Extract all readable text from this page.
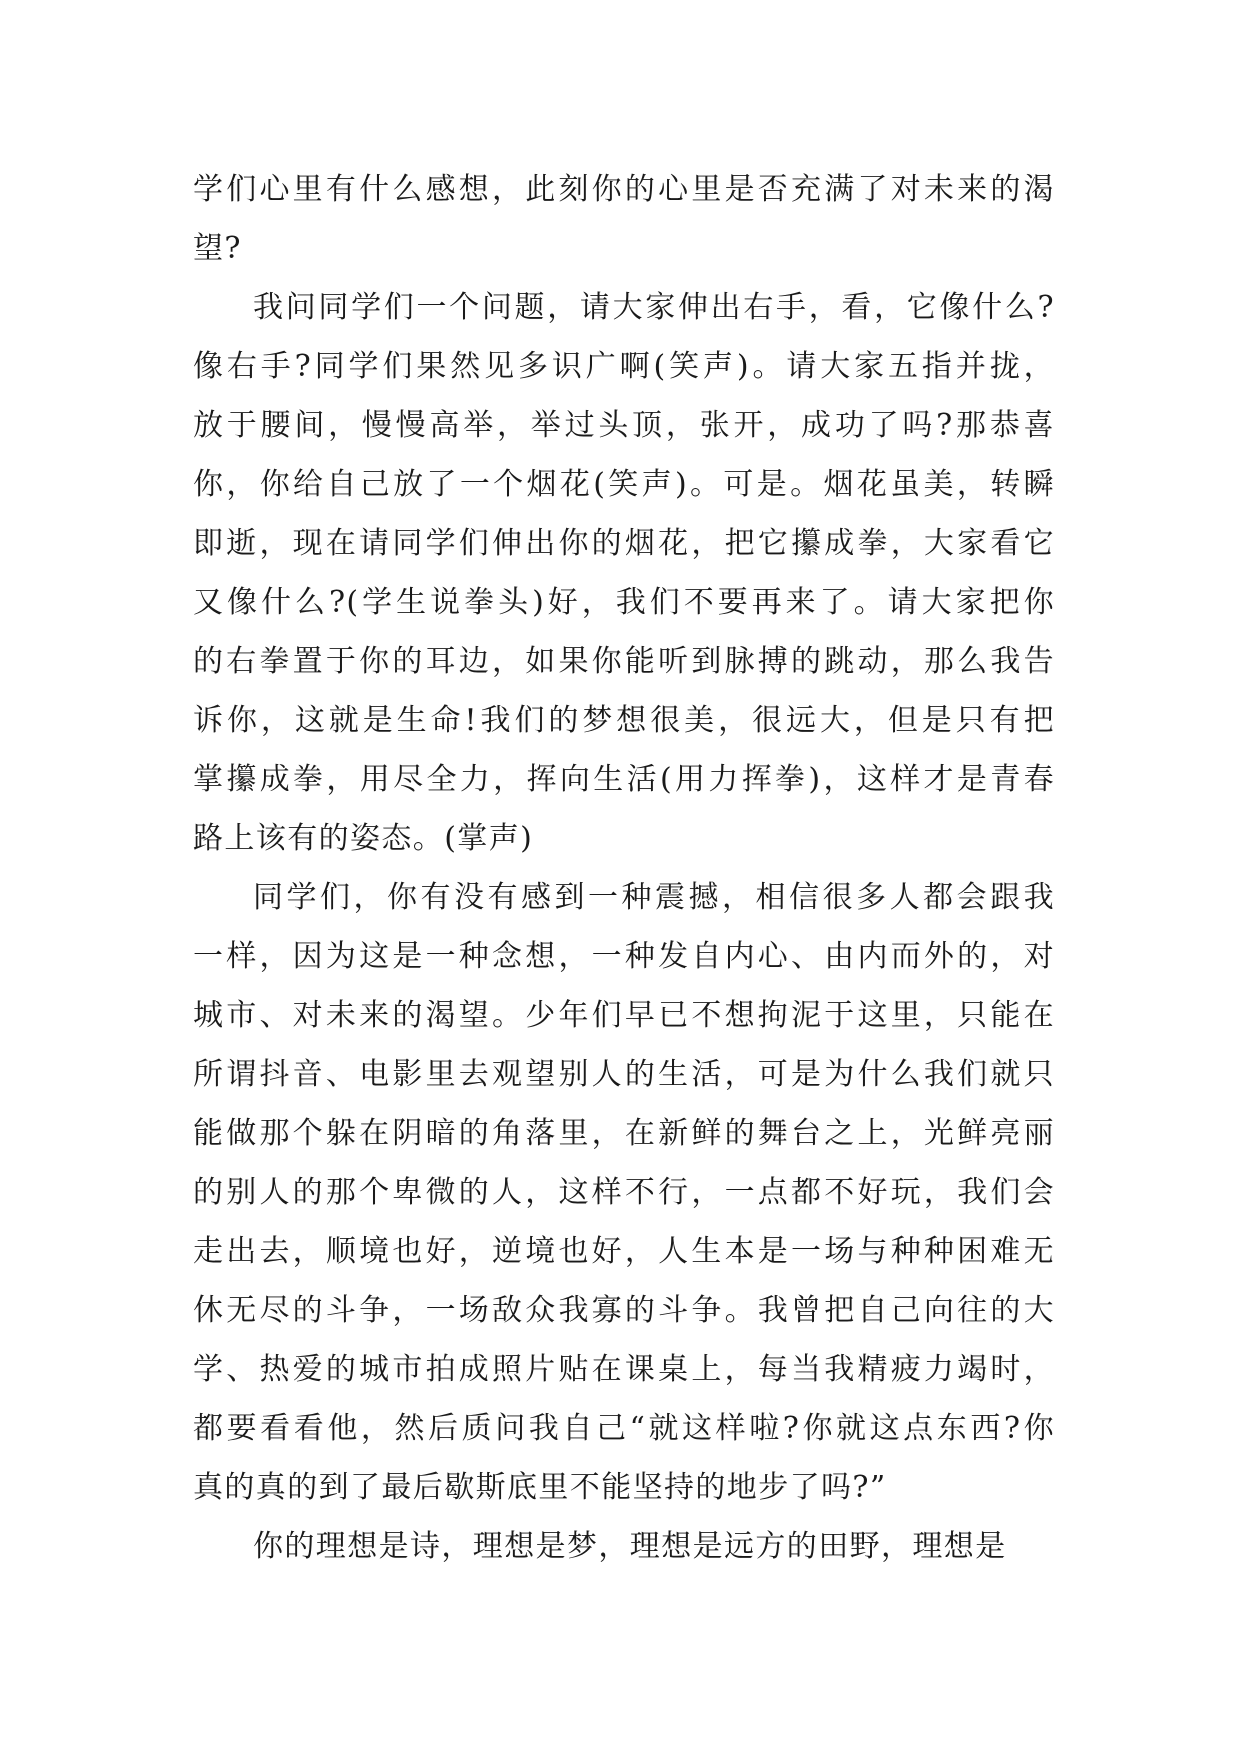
学们心里有什么感想，此刻你的心里是否充满了对未来的渴
望?
我问同学们一个问题，请大家伸出右手，看，它像什么?
像右手?同学们果然见多识广啊(笑声)。请大家五指并拢，
放于腰间，慢慢高举，举过头顶，张开，成功了吗?那恭喜
你，你给自己放了一个烟花(笑声)。可是。烟花虽美，转瞬
即逝，现在请同学们伸出你的烟花，把它攥成拳，大家看它
又像什么?(学生说拳头)好，我们不要再来了。请大家把你
的右拳置于你的耳边，如果你能听到脉搏的跳动，那么我告
诉你，这就是生命!我们的梦想很美，很远大，但是只有把
掌攥成拳，用尽全力，挥向生活(用力挥拳)，这样才是青春
路上该有的姿态。(掌声)
同学们，你有没有感到一种震撼，相信很多人都会跟我
一样，因为这是一种念想，一种发自内心、由内而外的，对
城市、对未来的渴望。少年们早已不想拘泥于这里，只能在
所谓抖音、电影里去观望别人的生活，可是为什么我们就只
能做那个躲在阴暗的角落里，在新鲜的舞台之上，光鲜亮丽
的别人的那个卑微的人，这样不行，一点都不好玩，我们会
走出去，顺境也好，逆境也好，人生本是一场与种种困难无
休无尽的斗争，一场敌众我寡的斗争。我曾把自己向往的大
学、热爱的城市拍成照片贴在课桌上，每当我精疲力竭时，
都要看看他，然后质问我自己“就这样啦?你就这点东西?你
真的真的到了最后歇斯底里不能坚持的地步了吗?”
你的理想是诗，理想是梦，理想是远方的田野，理想是
